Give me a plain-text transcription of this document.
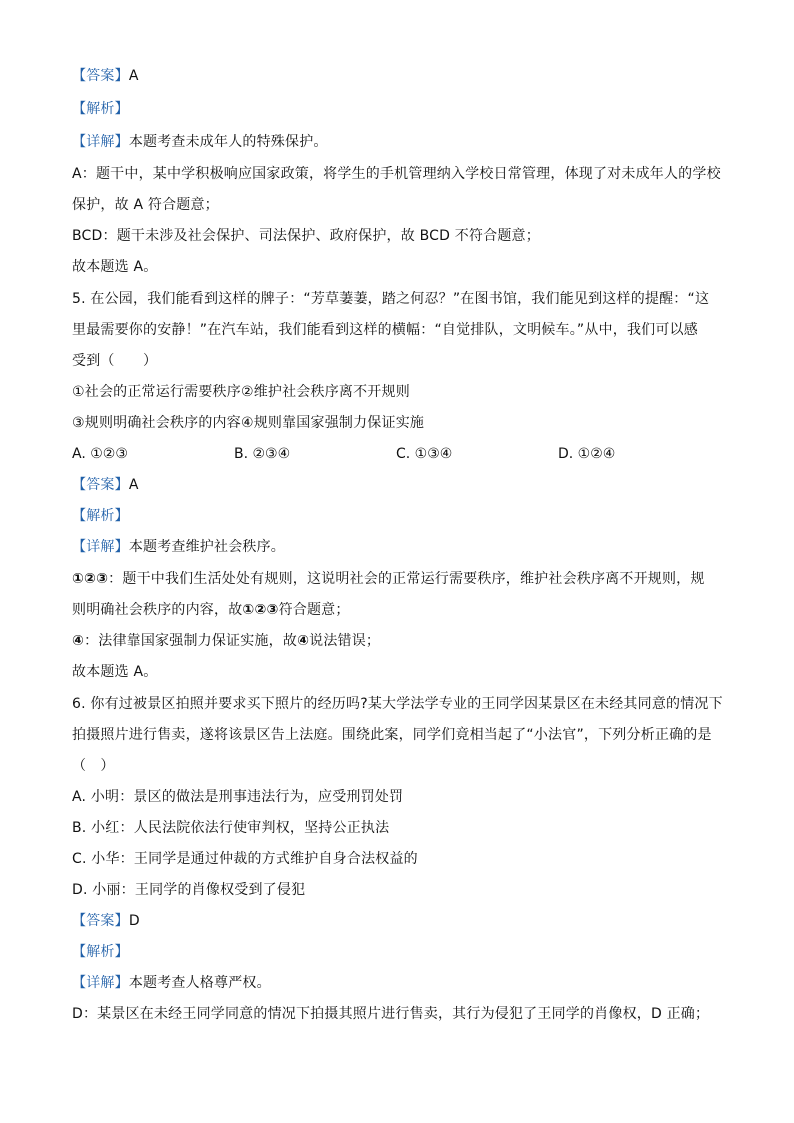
【答案】A
【解析】
【详解】本题考查未成年人的特殊保护。
A：题干中，某中学积极响应国家政策，将学生的手机管理纳入学校日常管理，体现了对未成年人的学校
保护，故 A 符合题意；
BCD：题干未涉及社会保护、司法保护、政府保护，故 BCD 不符合题意；
故本题选 A。
5. 在公园，我们能看到这样的牌子：“芳草萋萋，踏之何忍？”在图书馆，我们能见到这样的提醒：“这
里最需要你的安静！”在汽车站，我们能看到这样的横幅：“自觉排队，文明候车。”从中，我们可以感
受到（　　）
①社会的正常运行需要秩序②维护社会秩序离不开规则
③规则明确社会秩序的内容④规则靠国家强制力保证实施
A. ①②③	B. ②③④	C. ①③④	D. ①②④
【答案】A
【解析】
【详解】本题考查维护社会秩序。
①②③：题干中我们生活处处有规则，这说明社会的正常运行需要秩序，维护社会秩序离不开规则，规
则明确社会秩序的内容，故①②③符合题意；
④：法律靠国家强制力保证实施，故④说法错误；
故本题选 A。
6. 你有过被景区拍照并要求买下照片的经历吗?某大学法学专业的王同学因某景区在未经其同意的情况下
拍摄照片进行售卖，遂将该景区告上法庭。围绕此案，同学们竟相当起了“小法官”，下列分析正确的是
（　）
A. 小明：景区的做法是刑事违法行为，应受刑罚处罚
B. 小红：人民法院依法行使审判权，坚持公正执法
C. 小华：王同学是通过仲裁的方式维护自身合法权益的
D. 小丽：王同学的肖像权受到了侵犯
【答案】D
【解析】
【详解】本题考查人格尊严权。
D：某景区在未经王同学同意的情况下拍摄其照片进行售卖，其行为侵犯了王同学的肖像权，D 正确；
